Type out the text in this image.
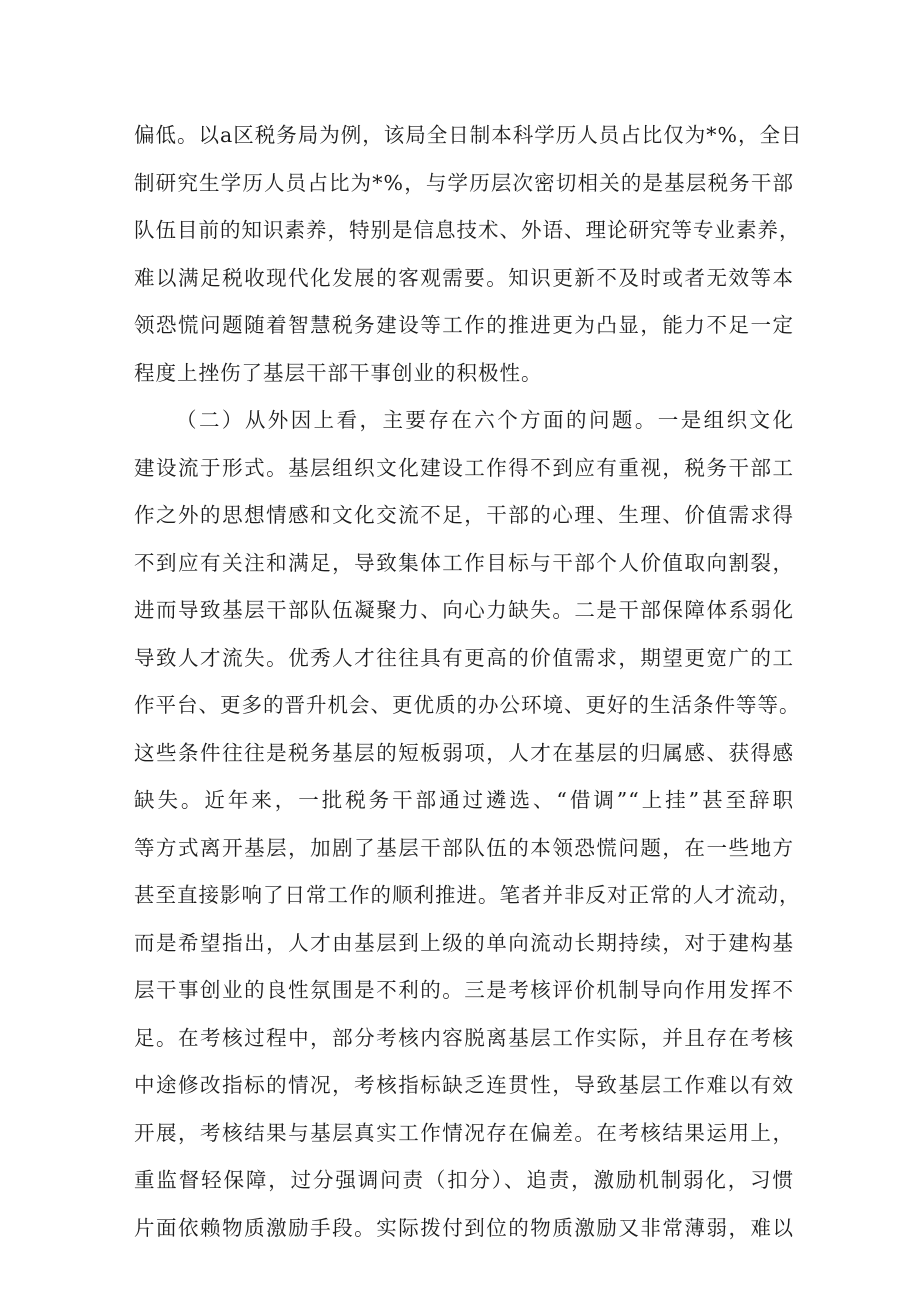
偏低。以a区税务局为例，该局全日制本科学历人员占比仅为*%，全日
制研究生学历人员占比为*%，与学历层次密切相关的是基层税务干部
队伍目前的知识素养，特别是信息技术、外语、理论研究等专业素养，
难以满足税收现代化发展的客观需要。知识更新不及时或者无效等本
领恐慌问题随着智慧税务建设等工作的推进更为凸显，能力不足一定
程度上挫伤了基层干部干事创业的积极性。
（二）从外因上看，主要存在六个方面的问题。一是组织文化
建设流于形式。基层组织文化建设工作得不到应有重视，税务干部工
作之外的思想情感和文化交流不足，干部的心理、生理、价值需求得
不到应有关注和满足，导致集体工作目标与干部个人价值取向割裂，
进而导致基层干部队伍凝聚力、向心力缺失。二是干部保障体系弱化
导致人才流失。优秀人才往往具有更高的价值需求，期望更宽广的工
作平台、更多的晋升机会、更优质的办公环境、更好的生活条件等等。
这些条件往往是税务基层的短板弱项，人才在基层的归属感、获得感
缺失。近年来，一批税务干部通过遴选、“借调”“上挂”甚至辞职
等方式离开基层，加剧了基层干部队伍的本领恐慌问题，在一些地方
甚至直接影响了日常工作的顺利推进。笔者并非反对正常的人才流动，
而是希望指出，人才由基层到上级的单向流动长期持续，对于建构基
层干事创业的良性氛围是不利的。三是考核评价机制导向作用发挥不
足。在考核过程中，部分考核内容脱离基层工作实际，并且存在考核
中途修改指标的情况，考核指标缺乏连贯性，导致基层工作难以有效
开展，考核结果与基层真实工作情况存在偏差。在考核结果运用上，
重监督轻保障，过分强调问责（扣分）、追责，激励机制弱化，习惯
片面依赖物质激励手段。实际拨付到位的物质激励又非常薄弱，难以
